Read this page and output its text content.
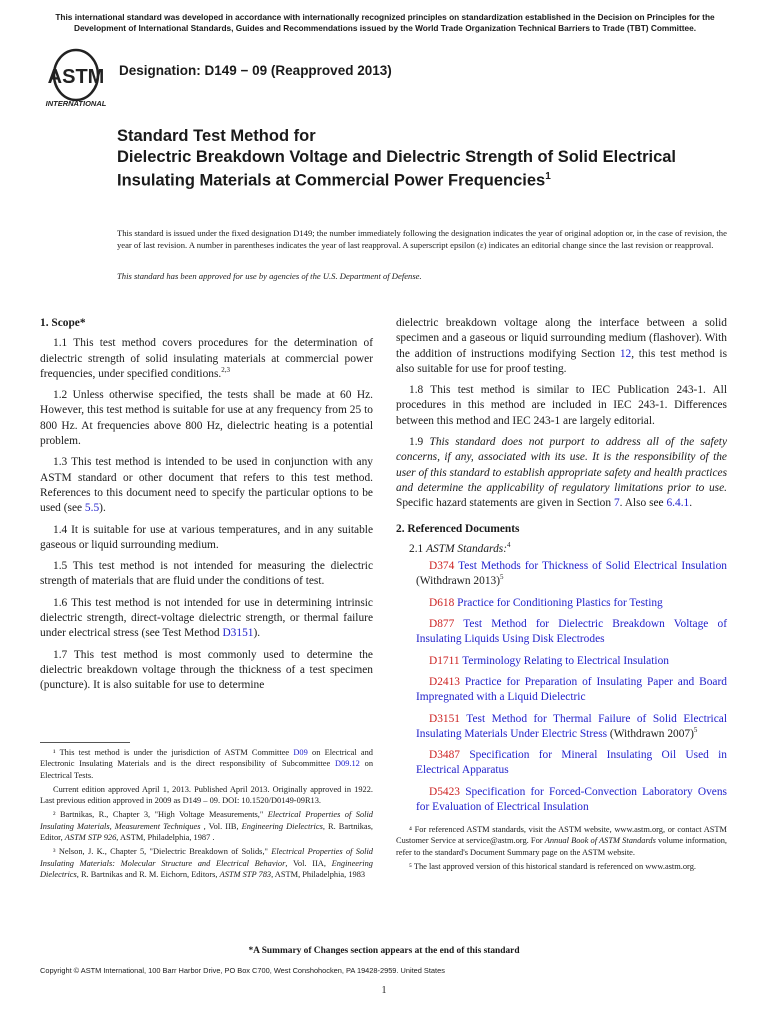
This international standard was developed in accordance with internationally recognized principles on standardization established in the Decision on Principles for the Development of International Standards, Guides and Recommendations issued by the World Trade Organization Technical Barriers to Trade (TBT) Committee.
ASTM
INTERNATIONAL
Designation: D149 − 09 (Reapproved 2013)
Standard Test Method for
Dielectric Breakdown Voltage and Dielectric Strength of Solid Electrical Insulating Materials at Commercial Power Frequencies$^1$
This standard is issued under the fixed designation D149; the number immediately following the designation indicates the year of original adoption or, in the case of revision, the year of last revision. A number in parentheses indicates the year of last reapproval. A superscript epsilon (ε) indicates an editorial change since the last revision or reapproval.
This standard has been approved for use by agencies of the U.S. Department of Defense.
1. Scope*

1.1 This test method covers procedures for the determination of dielectric strength of solid insulating materials at commercial power frequencies, under specified conditions.$^{2,3}$

1.2 Unless otherwise specified, the tests shall be made at 60 Hz. However, this test method is suitable for use at any frequency from 25 to 800 Hz. At frequencies above 800 Hz, dielectric heating is a potential problem.

1.3 This test method is intended to be used in conjunction with any ASTM standard or other document that refers to this test method. References to this document need to specify the particular options to be used (see 5.5).

1.4 It is suitable for use at various temperatures, and in any suitable gaseous or liquid surrounding medium.

1.5 This test method is not intended for measuring the dielectric strength of materials that are fluid under the conditions of test.

1.6 This test method is not intended for use in determining intrinsic dielectric strength, direct-voltage dielectric strength, or thermal failure under electrical stress (see Test Method D3151).

1.7 This test method is most commonly used to determine the dielectric breakdown voltage through the thickness of a test specimen (puncture). It is also suitable for use to determine

dielectric breakdown voltage along the interface between a solid specimen and a gaseous or liquid surrounding medium (flashover). With the addition of instructions modifying Section 12, this test method is also suitable for use for proof testing.

1.8 This test method is similar to IEC Publication 243-1. All procedures in this method are included in IEC 243-1. Differences between this method and IEC 243-1 are largely editorial.

1.9 This standard does not purport to address all of the safety concerns, if any, associated with its use. It is the responsibility of the user of this standard to establish appropriate safety and health practices and determine the applicability of regulatory limitations prior to use. Specific hazard statements are given in Section 7. Also see 6.4.1.

2. Referenced Documents

2.1 ASTM Standards:$^4$

D374 Test Methods for Thickness of Solid Electrical Insulation (Withdrawn 2013)$^5$

D618 Practice for Conditioning Plastics for Testing

D877 Test Method for Dielectric Breakdown Voltage of Insulating Liquids Using Disk Electrodes

D1711 Terminology Relating to Electrical Insulation

D2413 Practice for Preparation of Insulating Paper and Board Impregnated with a Liquid Dielectric

D3151 Test Method for Thermal Failure of Solid Electrical Insulating Materials Under Electric Stress (Withdrawn 2007)$^5$

D3487 Specification for Mineral Insulating Oil Used in Electrical Apparatus

D5423 Specification for Forced-Convection Laboratory Ovens for Evaluation of Electrical Insulation

¹ This test method is under the jurisdiction of ASTM Committee D09 on Electrical and Electronic Insulating Materials and is the direct responsibility of Subcommittee D09.12 on Electrical Tests.

Current edition approved April 1, 2013. Published April 2013. Originally approved in 1922. Last previous edition approved in 2009 as D149 – 09. DOI: 10.1520/D0149-09R13.

² Bartnikas, R., Chapter 3, "High Voltage Measurements," Electrical Properties of Solid Insulating Materials, Measurement Techniques , Vol. IIB, Engineering Dielectrics, R. Bartnikas, Editor, ASTM STP 926, ASTM, Philadelphia, 1987 .

³ Nelson, J. K., Chapter 5, "Dielectric Breakdown of Solids," Electrical Properties of Solid Insulating Materials: Molecular Structure and Electrical Behavior, Vol. IIA, Engineering Dielectrics, R. Bartnikas and R. M. Eichorn, Editors, ASTM STP 783, ASTM, Philadelphia, 1983

⁴ For referenced ASTM standards, visit the ASTM website, www.astm.org, or contact ASTM Customer Service at service@astm.org. For Annual Book of ASTM Standards volume information, refer to the standard's Document Summary page on the ASTM website.

⁵ The last approved version of this historical standard is referenced on www.astm.org.

*A Summary of Changes section appears at the end of this standard
Copyright © ASTM International, 100 Barr Harbor Drive, PO Box C700, West Conshohocken, PA 19428-2959. United States
1
